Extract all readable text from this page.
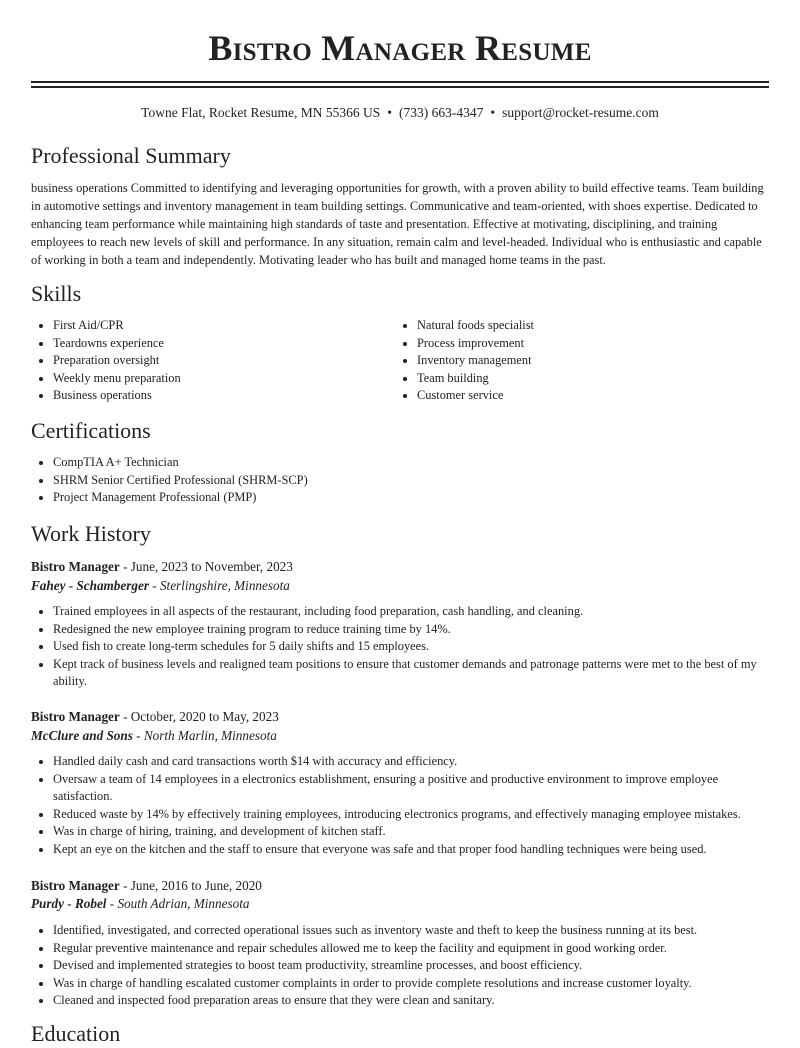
Bistro Manager Resume
Towne Flat, Rocket Resume, MN 55366 US • (733) 663-4347 • support@rocket-resume.com
Professional Summary

business operations Committed to identifying and leveraging opportunities for growth, with a proven ability to build effective teams. Team building in automotive settings and inventory management in team building settings. Communicative and team-oriented, with shoes expertise. Dedicated to enhancing team performance while maintaining high standards of taste and presentation. Effective at motivating, disciplining, and training employees to reach new levels of skill and performance. In any situation, remain calm and level-headed. Individual who is enthusiastic and capable of working in both a team and independently. Motivating leader who has built and managed home teams in the past.

Skills
• First Aid/CPR
• Teardowns experience
• Preparation oversight
• Weekly menu preparation
• Business operations
• Natural foods specialist
• Process improvement
• Inventory management
• Team building
• Customer service
Certifications
• CompTIA A+ Technician
• SHRM Senior Certified Professional (SHRM-SCP)
• Project Management Professional (PMP)
Work History
Bistro Manager - June, 2023 to November, 2023
Fahey - Schamberger - Sterlingshire, Minnesota
• Trained employees in all aspects of the restaurant, including food preparation, cash handling, and cleaning.
• Redesigned the new employee training program to reduce training time by 14%.
• Used fish to create long-term schedules for 5 daily shifts and 15 employees.
• Kept track of business levels and realigned team positions to ensure that customer demands and patronage patterns were met to the best of my ability.
Bistro Manager - October, 2020 to May, 2023
McClure and Sons - North Marlin, Minnesota
• Handled daily cash and card transactions worth $14 with accuracy and efficiency.
• Oversaw a team of 14 employees in a electronics establishment, ensuring a positive and productive environment to improve employee satisfaction.
• Reduced waste by 14% by effectively training employees, introducing electronics programs, and effectively managing employee mistakes.
• Was in charge of hiring, training, and development of kitchen staff.
• Kept an eye on the kitchen and the staff to ensure that everyone was safe and that proper food handling techniques were being used.
Bistro Manager - June, 2016 to June, 2020
Purdy - Robel - South Adrian, Minnesota
• Identified, investigated, and corrected operational issues such as inventory waste and theft to keep the business running at its best.
• Regular preventive maintenance and repair schedules allowed me to keep the facility and equipment in good working order.
• Devised and implemented strategies to boost team productivity, streamline processes, and boost efficiency.
• Was in charge of handling escalated customer complaints in order to provide complete resolutions and increase customer loyalty.
• Cleaned and inspected food preparation areas to ensure that they were clean and sanitary.
Education
